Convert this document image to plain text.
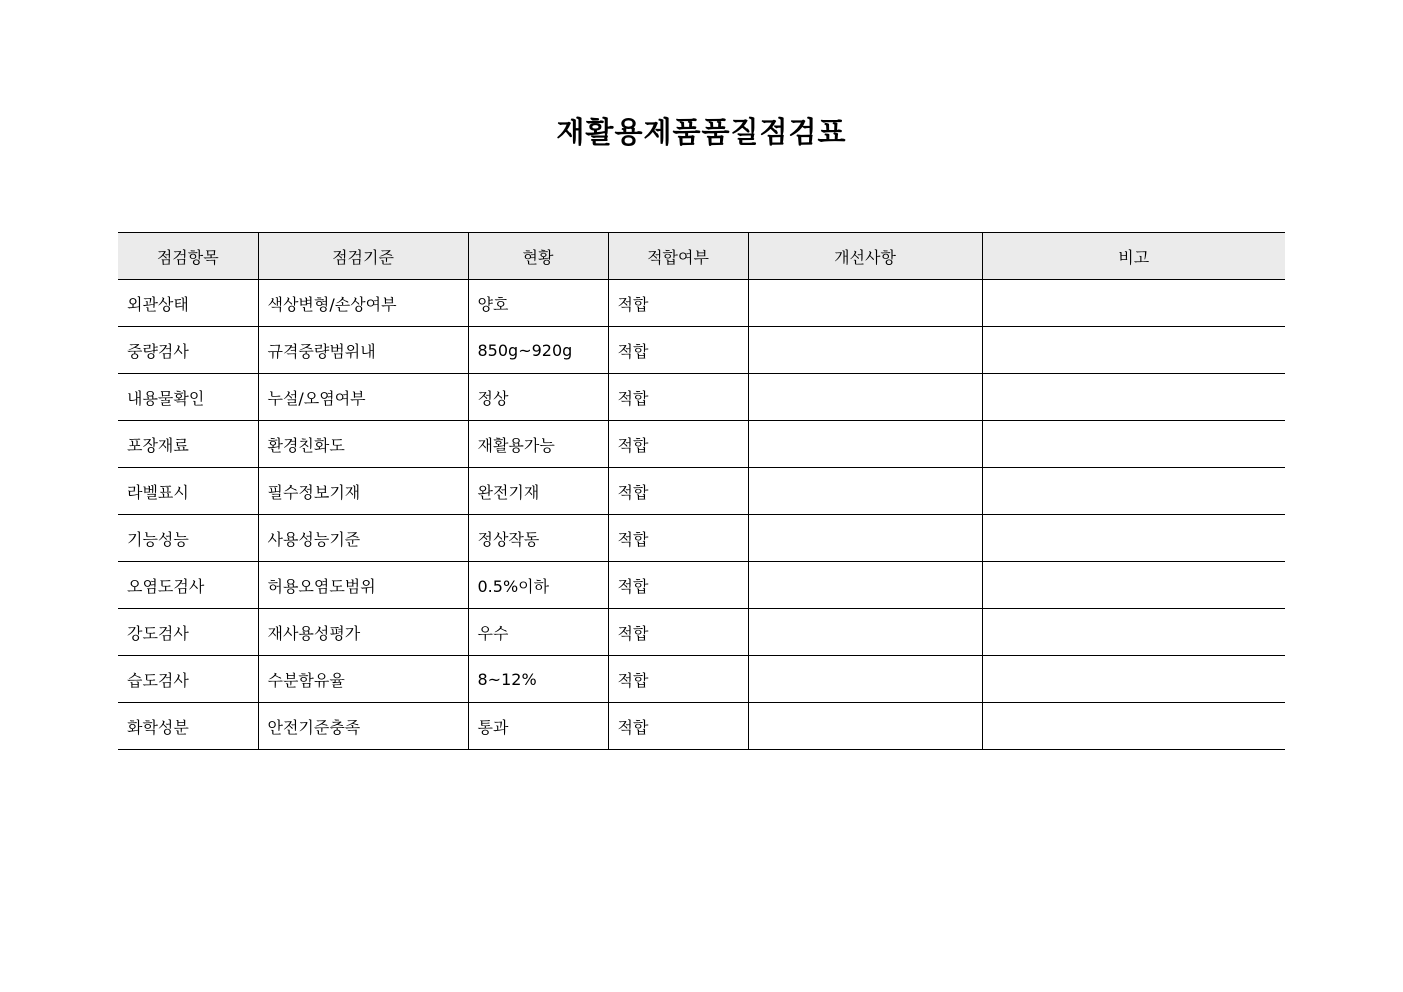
재활용제품품질점검표
점검항목	점검기준	현황	적합여부	개선사항	비고
외관상태	색상변형/손상여부	양호	적합		
중량검사	규격중량범위내	850g~920g	적합		
내용물확인	누설/오염여부	정상	적합		
포장재료	환경친화도	재활용가능	적합		
라벨표시	필수정보기재	완전기재	적합		
기능성능	사용성능기준	정상작동	적합		
오염도검사	허용오염도범위	0.5%이하	적합		
강도검사	재사용성평가	우수	적합		
습도검사	수분함유율	8~12%	적합		
화학성분	안전기준충족	통과	적합		
